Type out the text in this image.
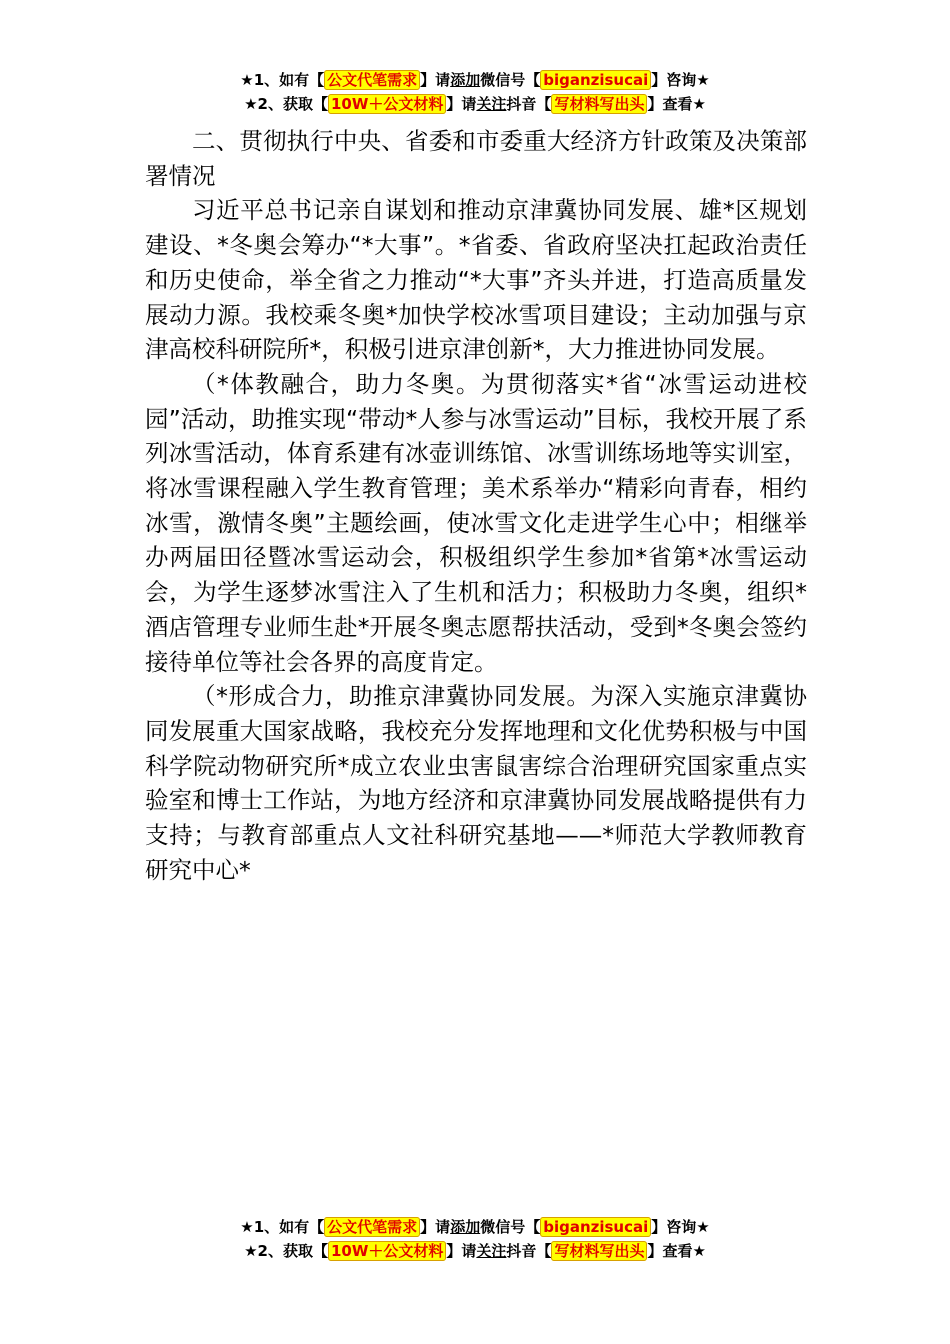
★1、如有【 公文代笔需求 】请添加微信号【 biganzisucai 】咨询★
★2、获取【 10W＋公文材料 】请关注抖音【 写材料写出头 】查看★

二、贯彻执行中央、省委和市委重大经济方针政策及决策部署情况

习近平总书记亲自谋划和推动京津冀协同发展、雄*区规划建设、*冬奥会筹办“*大事”。*省委、省政府坚决扛起政治责任和历史使命，举全省之力推动“*大事”齐头并进，打造高质量发展动力源。我校乘冬奥*加快学校冰雪项目建设；主动加强与京津高校科研院所*，积极引进京津创新*，大力推进协同发展。

（*体教融合，助力冬奥。为贯彻落实*省“冰雪运动进校园”活动，助推实现“带动*人参与冰雪运动”目标，我校开展了系列冰雪活动，体育系建有冰壶训练馆、冰雪训练场地等实训室，将冰雪课程融入学生教育管理；美术系举办“精彩向青春，相约冰雪，激情冬奥”主题绘画，使冰雪文化走进学生心中；相继举办两届田径暨冰雪运动会，积极组织学生参加*省第*冰雪运动会，为学生逐梦冰雪注入了生机和活力；积极助力冬奥，组织*酒店管理专业师生赴*开展冬奥志愿帮扶活动，受到*冬奥会签约接待单位等社会各界的高度肯定。

（*形成合力，助推京津冀协同发展。为深入实施京津冀协同发展重大国家战略，我校充分发挥地理和文化优势积极与中国科学院动物研究所*成立农业虫害鼠害综合治理研究国家重点实验室和博士工作站，为地方经济和京津冀协同发展战略提供有力支持；与教育部重点人文社科研究基地——*师范大学教师教育研究中心*

★1、如有【 公文代笔需求 】请添加微信号【 biganzisucai 】咨询★
★2、获取【 10W＋公文材料 】请关注抖音【 写材料写出头 】查看★
